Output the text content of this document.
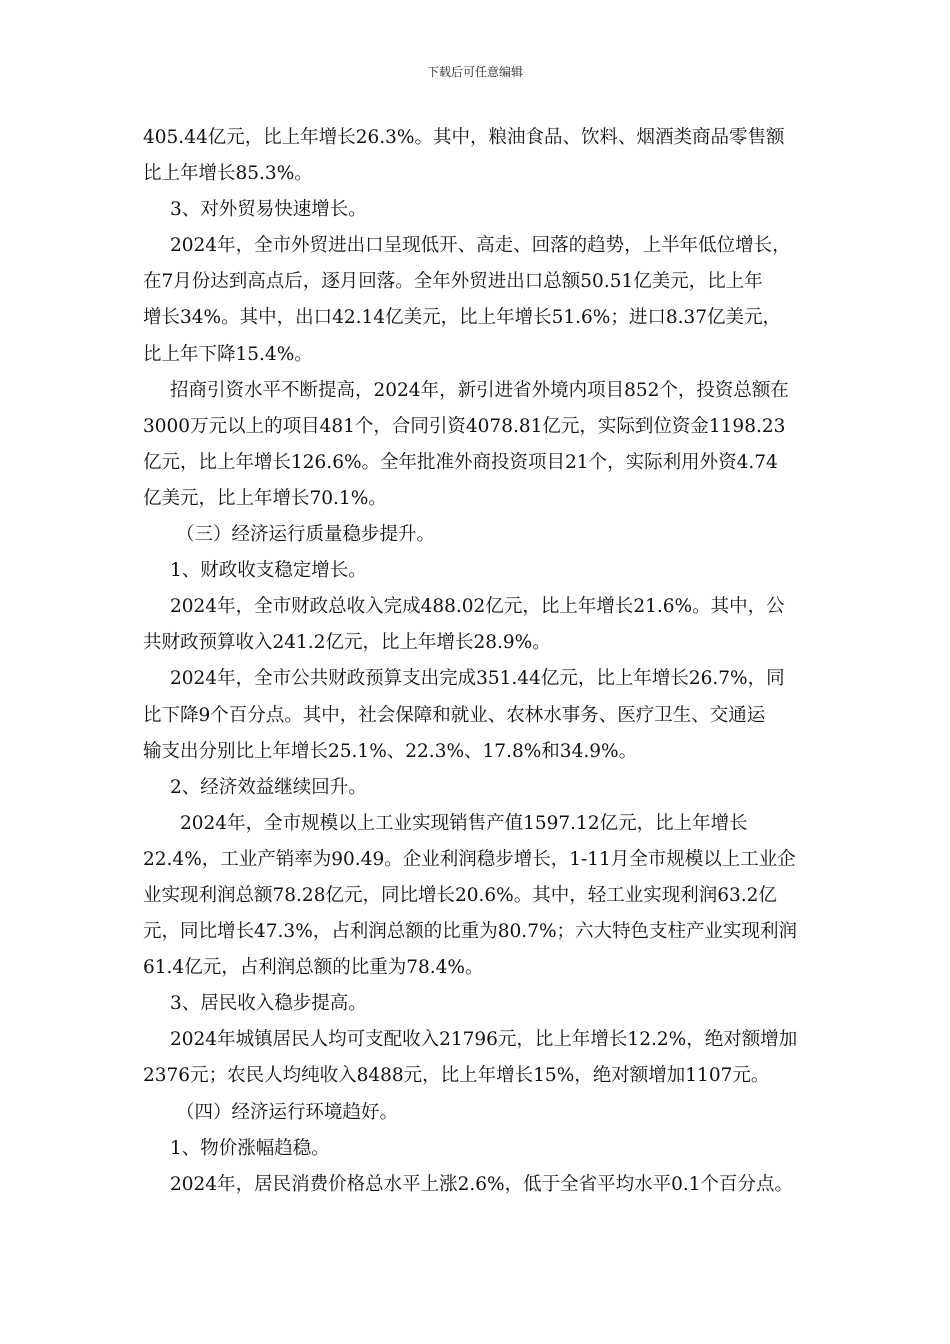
下载后可任意编辑
405.44亿元，比上年增长26.3%。其中，粮油食品、饮料、烟酒类商品零售额
比上年增长85.3%。
3、对外贸易快速增长。
2024年，全市外贸进出口呈现低开、高走、回落的趋势，上半年低位增长，
在7月份达到高点后，逐月回落。全年外贸进出口总额50.51亿美元，比上年
增长34%。其中，出口42.14亿美元，比上年增长51.6%；进口8.37亿美元，
比上年下降15.4%。
招商引资水平不断提高，2024年，新引进省外境内项目852个，投资总额在
3000万元以上的项目481个，合同引资4078.81亿元，实际到位资金1198.23
亿元，比上年增长126.6%。全年批准外商投资项目21个，实际利用外资4.74
亿美元，比上年增长70.1%。
（三）经济运行质量稳步提升。
1、财政收支稳定增长。
2024年，全市财政总收入完成488.02亿元，比上年增长21.6%。其中，公
共财政预算收入241.2亿元，比上年增长28.9%。
2024年，全市公共财政预算支出完成351.44亿元，比上年增长26.7%，同
比下降9个百分点。其中，社会保障和就业、农林水事务、医疗卫生、交通运
输支出分别比上年增长25.1%、22.3%、17.8%和34.9%。
2、经济效益继续回升。
2024年，全市规模以上工业实现销售产值1597.12亿元，比上年增长
22.4%，工业产销率为90.49。企业利润稳步增长，1-11月全市规模以上工业企
业实现利润总额78.28亿元，同比增长20.6%。其中，轻工业实现利润63.2亿
元，同比增长47.3%，占利润总额的比重为80.7%；六大特色支柱产业实现利润
61.4亿元，占利润总额的比重为78.4%。
3、居民收入稳步提高。
2024年城镇居民人均可支配收入21796元，比上年增长12.2%，绝对额增加
2376元；农民人均纯收入8488元，比上年增长15%，绝对额增加1107元。
（四）经济运行环境趋好。
1、物价涨幅趋稳。
2024年，居民消费价格总水平上涨2.6%，低于全省平均水平0.1个百分点。
